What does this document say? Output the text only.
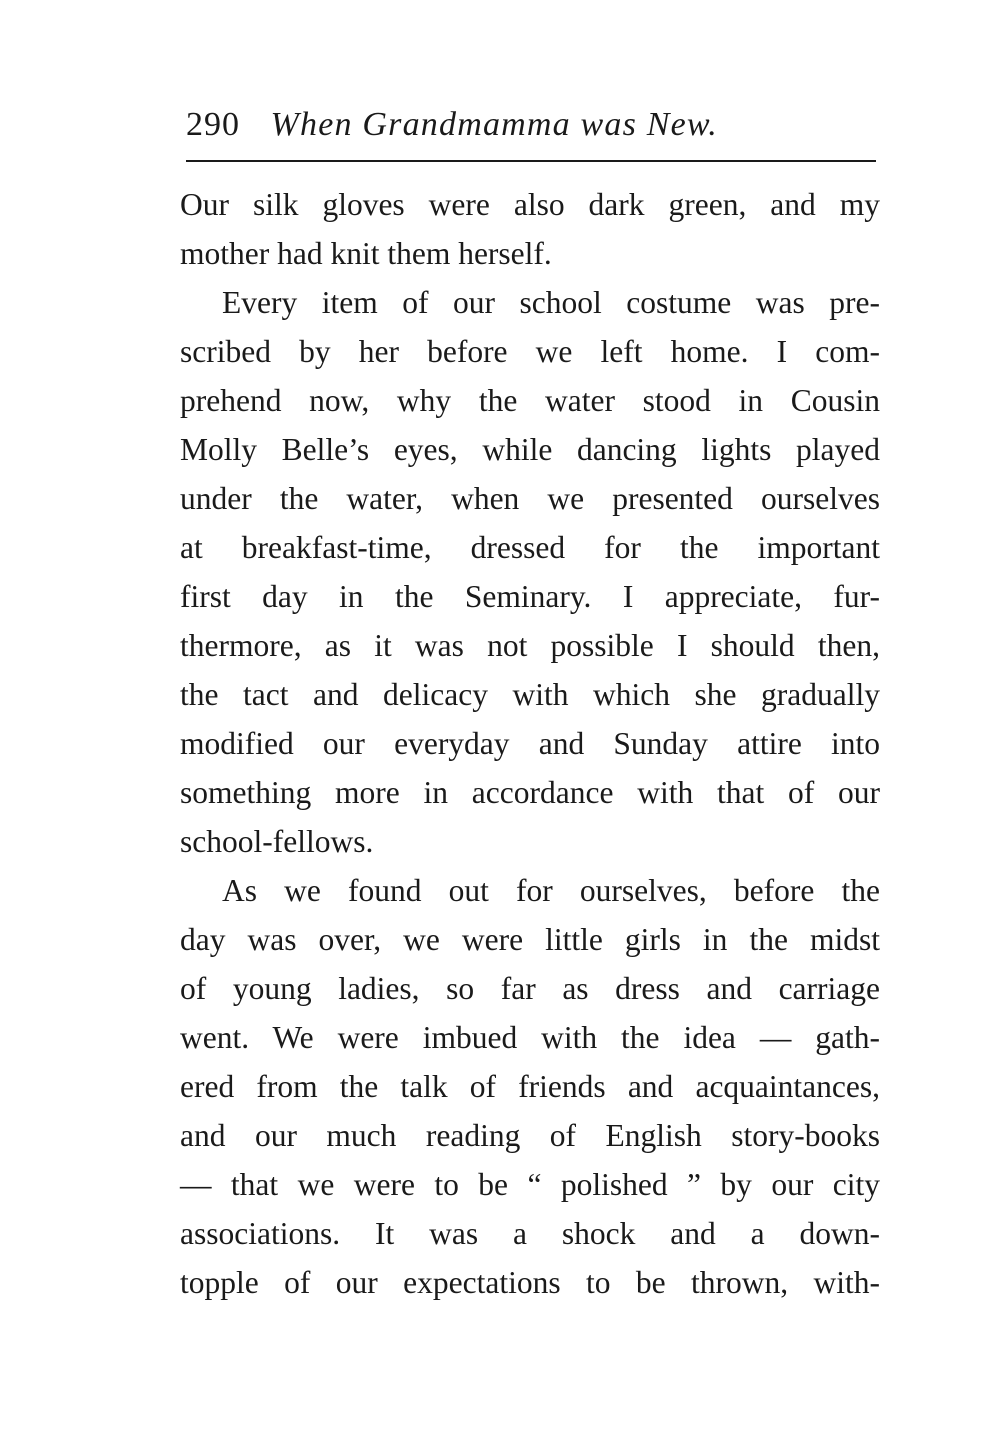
290 When Grandmamma was New.
Our silk gloves were also dark green, and my
mother had knit them herself.
Every item of our school costume was pre-
scribed by her before we left home. I com-
prehend now, why the water stood in Cousin
Molly Belle’s eyes, while dancing lights played
under the water, when we presented ourselves
at breakfast-time, dressed for the important
first day in the Seminary. I appreciate, fur-
thermore, as it was not possible I should then,
the tact and delicacy with which she gradually
modified our everyday and Sunday attire into
something more in accordance with that of our
school-fellows.
As we found out for ourselves, before the
day was over, we were little girls in the midst
of young ladies, so far as dress and carriage
went. We were imbued with the idea — gath-
ered from the talk of friends and acquaintances,
and our much reading of English story-books
— that we were to be “ polished ” by our city
associations. It was a shock and a down-
topple of our expectations to be thrown, with-
